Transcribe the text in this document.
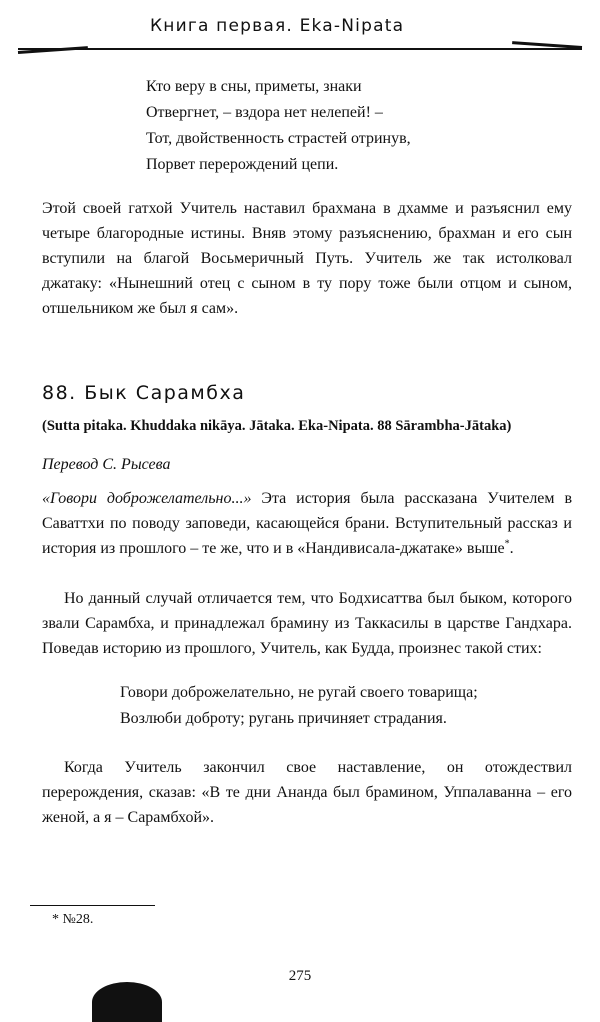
Книга первая. Eka-Nipata
Кто веру в сны, приметы, знаки
Отвергнет, – вздора нет нелепей! –
Тот, двойственность страстей отринув,
Порвет перерождений цепи.
Этой своей гатхой Учитель наставил брахмана в дхамме и разъяснил ему четыре благородные истины. Вняв этому разъяснению, брахман и его сын вступили на благой Восьмеричный Путь. Учитель же так истолковал джатаку: «Нынешний отец с сыном в ту пору тоже были отцом и сыном, отшельником же был я сам».
88. Бык Сарамбха
(Sutta pitaka. Khuddaka nikāya. Jātaka. Eka-Nipata. 88 Sārambha-Jātaka)
Перевод С. Рысева
«Говори доброжелательно...» Эта история была рассказана Учителем в Саваттхи по поводу заповеди, касающейся брани. Вступительный рассказ и история из прошлого – те же, что и в «Нандивисала-джатаке» выше*.
Но данный случай отличается тем, что Бодхисаттва был быком, которого звали Сарамбха, и принадлежал брамину из Таккасилы в царстве Гандхара. Поведав историю из прошлого, Учитель, как Будда, произнес такой стих:
Говори доброжелательно, не ругай своего товарища;
Возлюби доброту; ругань причиняет страдания.
Когда Учитель закончил свое наставление, он отождествил перерождения, сказав: «В те дни Ананда был брамином, Уппалаванна – его женой, а я – Сарамбхой».
* №28.
275
